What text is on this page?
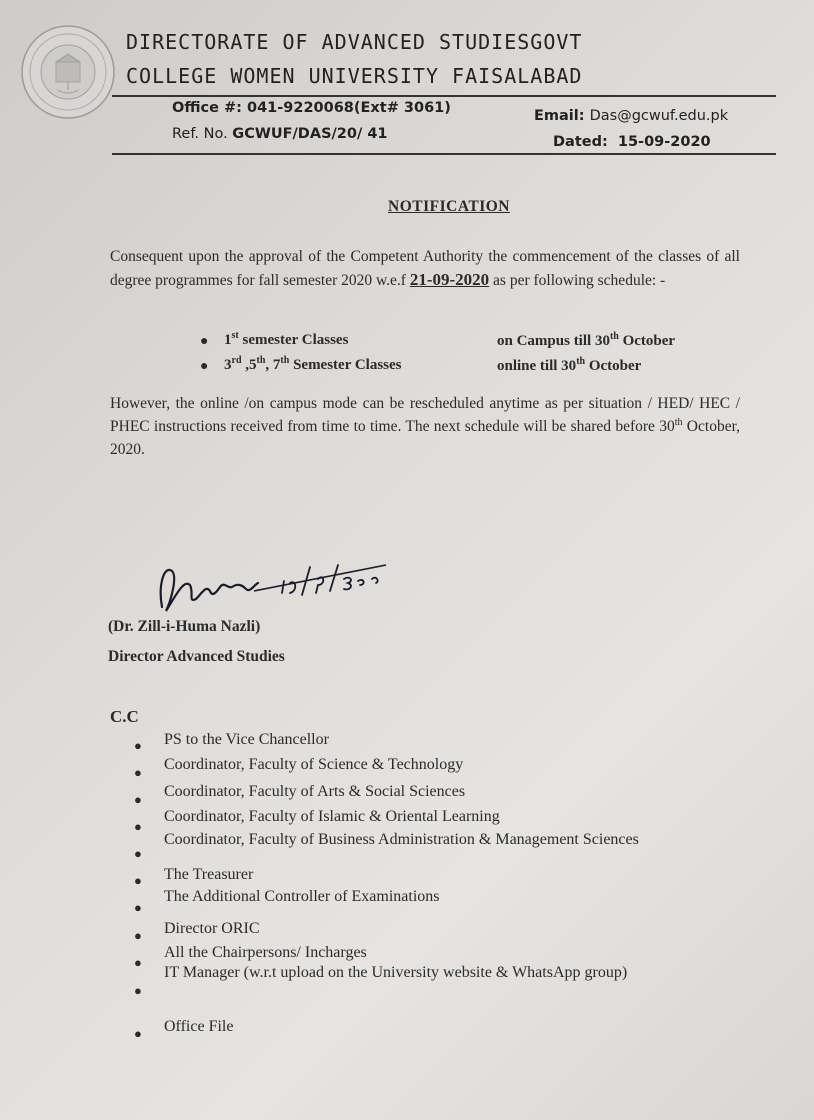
DIRECTORATE OF ADVANCED STUDIESGOVT
COLLEGE WOMEN UNIVERSITY FAISALABAD
Office #: 041-9220068(Ext# 3061)	Email: Das@gcwuf.edu.pk
Ref. No. GCWUF/DAS/20/ 41	Dated: 15-09-2020
NOTIFICATION
Consequent upon the approval of the Competent Authority the commencement of the classes of all degree programmes for fall semester 2020 w.e.f 21-09-2020 as per following schedule: -
● 1st semester Classes	on Campus till 30th October
● 3rd ,5th, 7th Semester Classes	online till 30th October
However, the online /on campus mode can be rescheduled anytime as per situation / HED/ HEC / PHEC instructions received from time to time. The next schedule will be shared before 30th October, 2020.
(Dr. Zill-i-Huma Nazli)
Director Advanced Studies
C.C
● PS to the Vice Chancellor
● Coordinator, Faculty of Science & Technology
● Coordinator, Faculty of Arts & Social Sciences
●
Coordinator, Faculty of Islamic & Oriental Learning
●
Coordinator, Faculty of Business Administration & Management Sciences
● The Treasurer
●
The Additional Controller of Examinations
● Director ORIC
●
All the Chairpersons/ Incharges
●
IT Manager (w.r.t upload on the University website & WhatsApp group)
● Office File
